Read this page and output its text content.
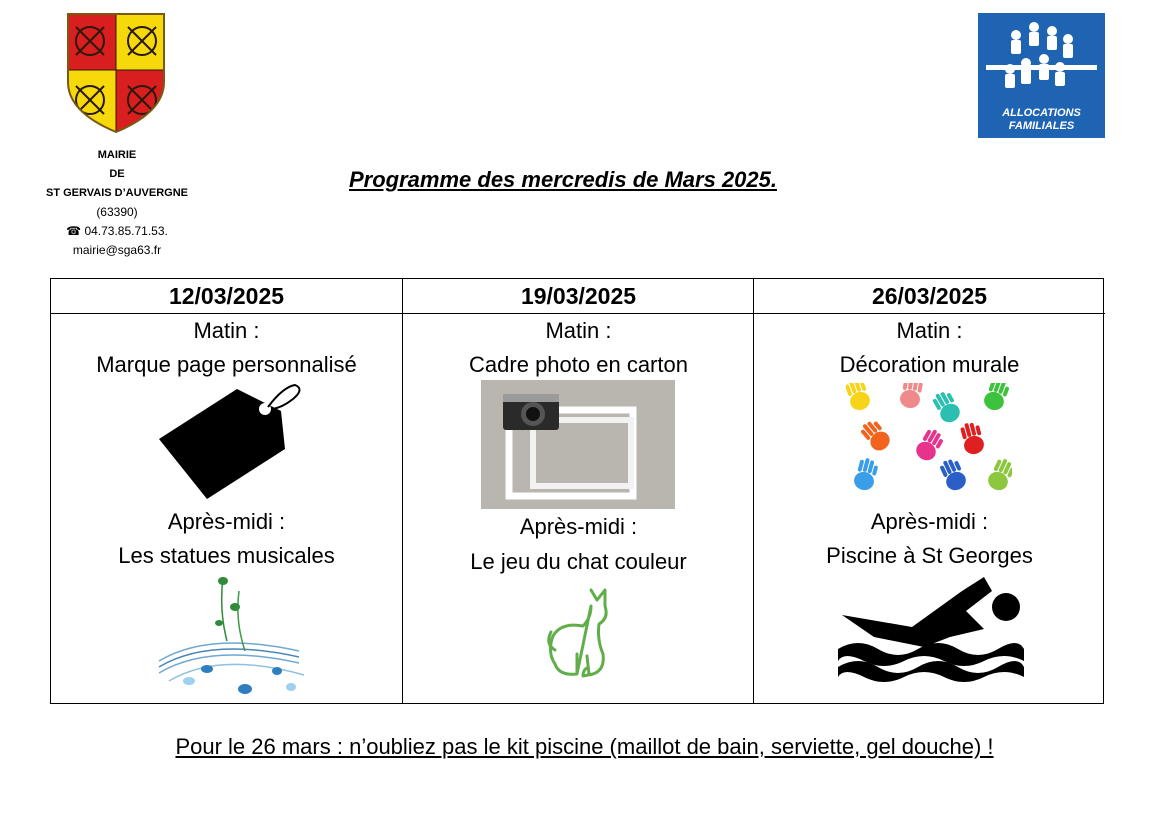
ALLOCATIONS
FAMILIALES
MAIRIE
DE
ST GERVAIS D’AUVERGNE
(63390)
☎ 04.73.85.71.53.
mairie@sga63.fr
Programme des mercredis de Mars 2025.
12/03/2025
Matin :
Marque page personnalisé
Après-midi :
Les statues musicales
19/03/2025
Matin :
Cadre photo en carton
Après-midi :
Le jeu du chat couleur
26/03/2025
Matin :
Décoration murale
Après-midi :
Piscine à St Georges
Pour le 26 mars : n’oubliez pas le kit piscine (maillot de bain, serviette, gel douche) !
